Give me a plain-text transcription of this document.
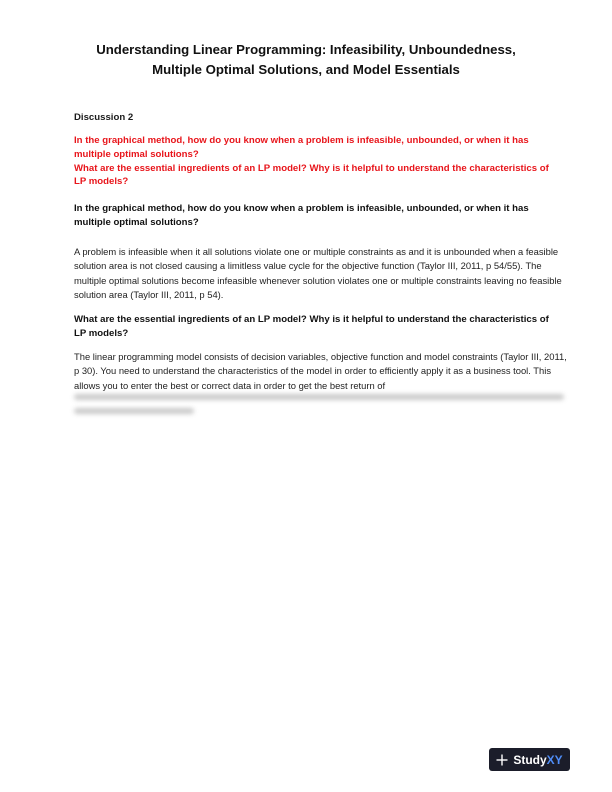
Understanding Linear Programming: Infeasibility, Unboundedness, Multiple Optimal Solutions, and Model Essentials

Discussion 2

In the graphical method, how do you know when a problem is infeasible, unbounded, or when it has multiple optimal solutions?

What are the essential ingredients of an LP model? Why is it helpful to understand the characteristics of LP models?

In the graphical method, how do you know when a problem is infeasible, unbounded, or when it has multiple optimal solutions?

A problem is infeasible when it all solutions violate one or multiple constraints as and it is unbounded when a feasible solution area is not closed causing a limitless value cycle for the objective function (Taylor III, 2011, p 54/55). The multiple optimal solutions become infeasible whenever solution violates one or multiple constraints leaving no feasible solution area (Taylor III, 2011, p 54).

What are the essential ingredients of an LP model? Why is it helpful to understand the characteristics of LP models?

The linear programming model consists of decision variables, objective function and model constraints (Taylor III, 2011, p 30). You need to understand the characteristics of the model in order to efficiently apply it as a business tool. This allows you to enter the best or correct data in order to get the best return of

StudyXY
